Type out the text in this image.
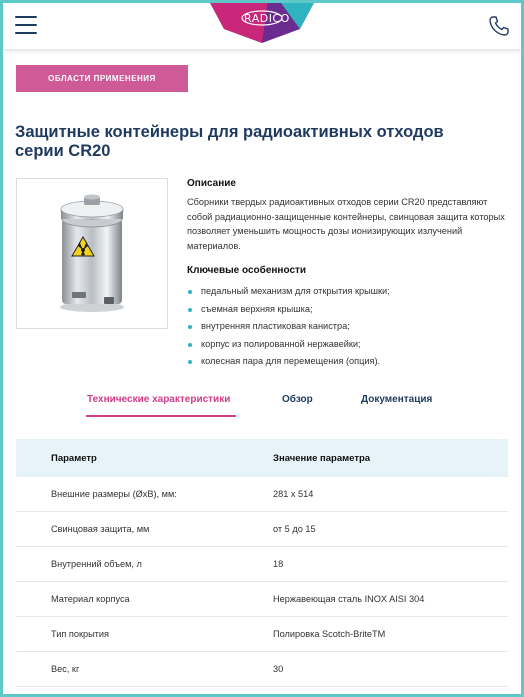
RADICO
ОБЛАСТИ ПРИМЕНЕНИЯ
Защитные контейнеры для радиоактивных отходов серии CR20
Описание
Сборники твердых радиоактивных отходов серии CR20 представляют собой радиационно-защищенные контейнеры, свинцовая защита которых позволяет уменьшить мощность дозы ионизирующих излучений материалов.
Ключевые особенности
педальный механизм для открытия крышки;
съемная верхняя крышка;
внутренняя пластиковая канистра;
корпус из полированной нержавейки;
колесная пара для перемещения (опция).
Технические характеристики	Обзор	Документация
Параметр	Значение параметра
Внешние размеры (ØxВ), мм:	281 x 514
Свинцовая защита, мм	от 5 до 15
Внутренний объем, л	18
Материал корпуса	Нержавеющая сталь INOX AISI 304
Тип покрытия	Полировка Scotch-BriteTM
Вес, кг	30
